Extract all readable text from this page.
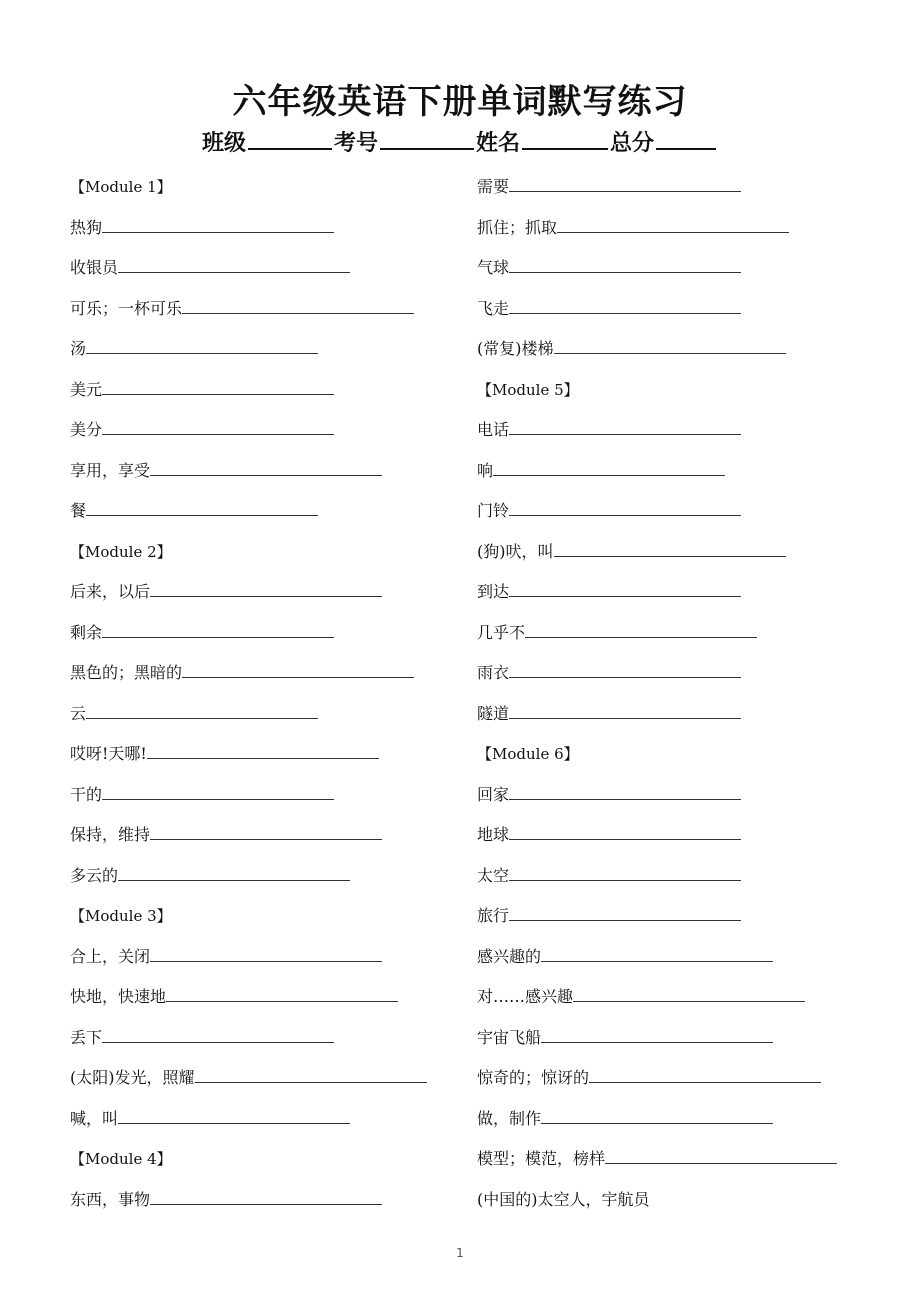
六年级英语下册单词默写练习
班级	考号	姓名	总分
【Module 1】
热狗
收银员
可乐；一杯可乐
汤
美元
美分
享用，享受
餐
【Module 2】
后来，以后
剩余
黑色的；黑暗的
云
哎呀!天哪!
干的
保持，维持
多云的
【Module 3】
合上，关闭
快地，快速地
丢下
(太阳)发光，照耀
喊，叫
【Module 4】
东西，事物
需要
抓住；抓取
气球
飞走
(常复)楼梯
【Module 5】
电话
响
门铃
(狗)吠，叫
到达
几乎不
雨衣
隧道
【Module 6】
回家
地球
太空
旅行
感兴趣的
对……感兴趣
宇宙飞船
惊奇的；惊讶的
做，制作
模型；模范，榜样
(中国的)太空人，宇航员
1
